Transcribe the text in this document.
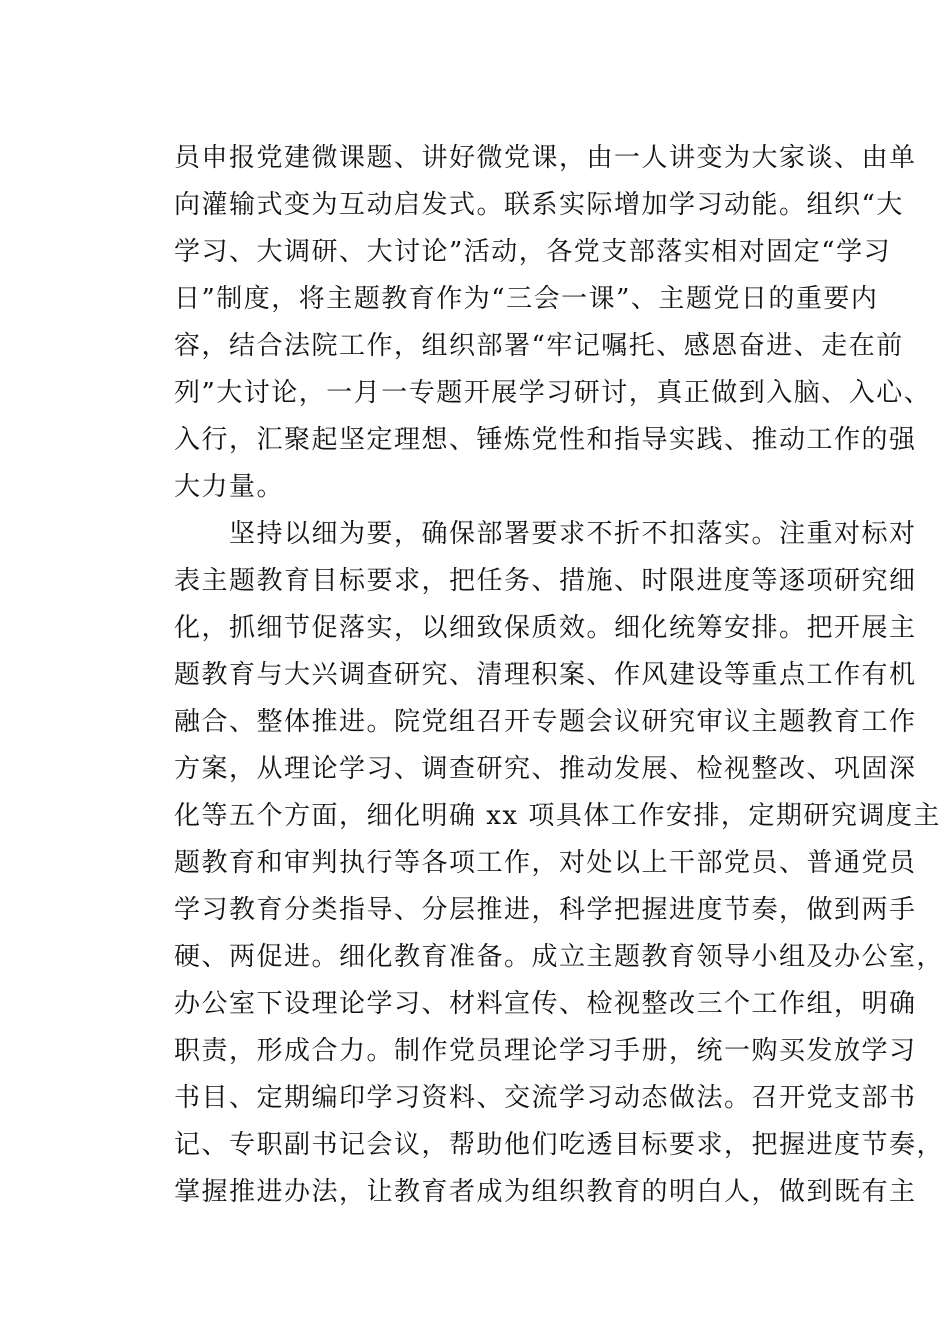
员申报党建微课题、讲好微党课，由一人讲变为大家谈、由单
向灌输式变为互动启发式。联系实际增加学习动能。组织“大
学习、大调研、大讨论”活动，各党支部落实相对固定“学习
日”制度，将主题教育作为“三会一课”、主题党日的重要内
容，结合法院工作，组织部署“牢记嘱托、感恩奋进、走在前
列”大讨论，一月一专题开展学习研讨，真正做到入脑、入心、
入行，汇聚起坚定理想、锤炼党性和指导实践、推动工作的强
大力量。
　　坚持以细为要，确保部署要求不折不扣落实。注重对标对
表主题教育目标要求，把任务、措施、时限进度等逐项研究细
化，抓细节促落实，以细致保质效。细化统筹安排。把开展主
题教育与大兴调查研究、清理积案、作风建设等重点工作有机
融合、整体推进。院党组召开专题会议研究审议主题教育工作
方案，从理论学习、调查研究、推动发展、检视整改、巩固深
化等五个方面，细化明确 xx 项具体工作安排，定期研究调度主
题教育和审判执行等各项工作，对处以上干部党员、普通党员
学习教育分类指导、分层推进，科学把握进度节奏，做到两手
硬、两促进。细化教育准备。成立主题教育领导小组及办公室，
办公室下设理论学习、材料宣传、检视整改三个工作组，明确
职责，形成合力。制作党员理论学习手册，统一购买发放学习
书目、定期编印学习资料、交流学习动态做法。召开党支部书
记、专职副书记会议，帮助他们吃透目标要求，把握进度节奏，
掌握推进办法，让教育者成为组织教育的明白人，做到既有主
